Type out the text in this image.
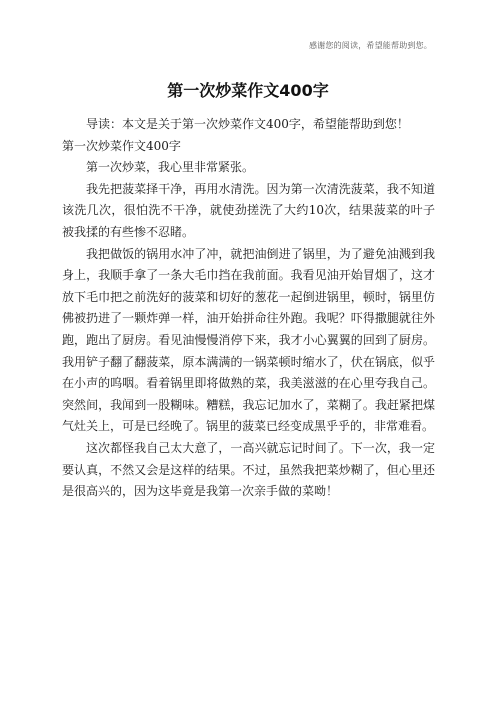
感谢您的阅读，希望能帮助到您。
第一次炒菜作文400字

导读：本文是关于第一次炒菜作文400字，希望能帮助到您！

第一次炒菜作文400字

第一次炒菜，我心里非常紧张。

我先把菠菜择干净，再用水清洗。因为第一次清洗菠菜，我不知道该洗几次，很怕洗不干净，就使劲搓洗了大约10次，结果菠菜的叶子被我揉的有些惨不忍睹。

我把做饭的锅用水冲了冲，就把油倒进了锅里，为了避免油溅到我身上，我顺手拿了一条大毛巾挡在我前面。我看见油开始冒烟了，这才放下毛巾把之前洗好的菠菜和切好的葱花一起倒进锅里，顿时，锅里仿佛被扔进了一颗炸弹一样，油开始拼命往外跑。我呢？吓得撒腿就往外跑，跑出了厨房。看见油慢慢消停下来，我才小心翼翼的回到了厨房。我用铲子翻了翻菠菜，原本满满的一锅菜顿时缩水了，伏在锅底，似乎在小声的呜咽。看着锅里即将做熟的菜，我美滋滋的在心里夸我自己。突然间，我闻到一股糊味。糟糕，我忘记加水了，菜糊了。我赶紧把煤气灶关上，可是已经晚了。锅里的菠菜已经变成黑乎乎的，非常难看。

这次都怪我自己太大意了，一高兴就忘记时间了。下一次，我一定要认真，不然又会是这样的结果。不过，虽然我把菜炒糊了，但心里还是很高兴的，因为这毕竟是我第一次亲手做的菜呦！
